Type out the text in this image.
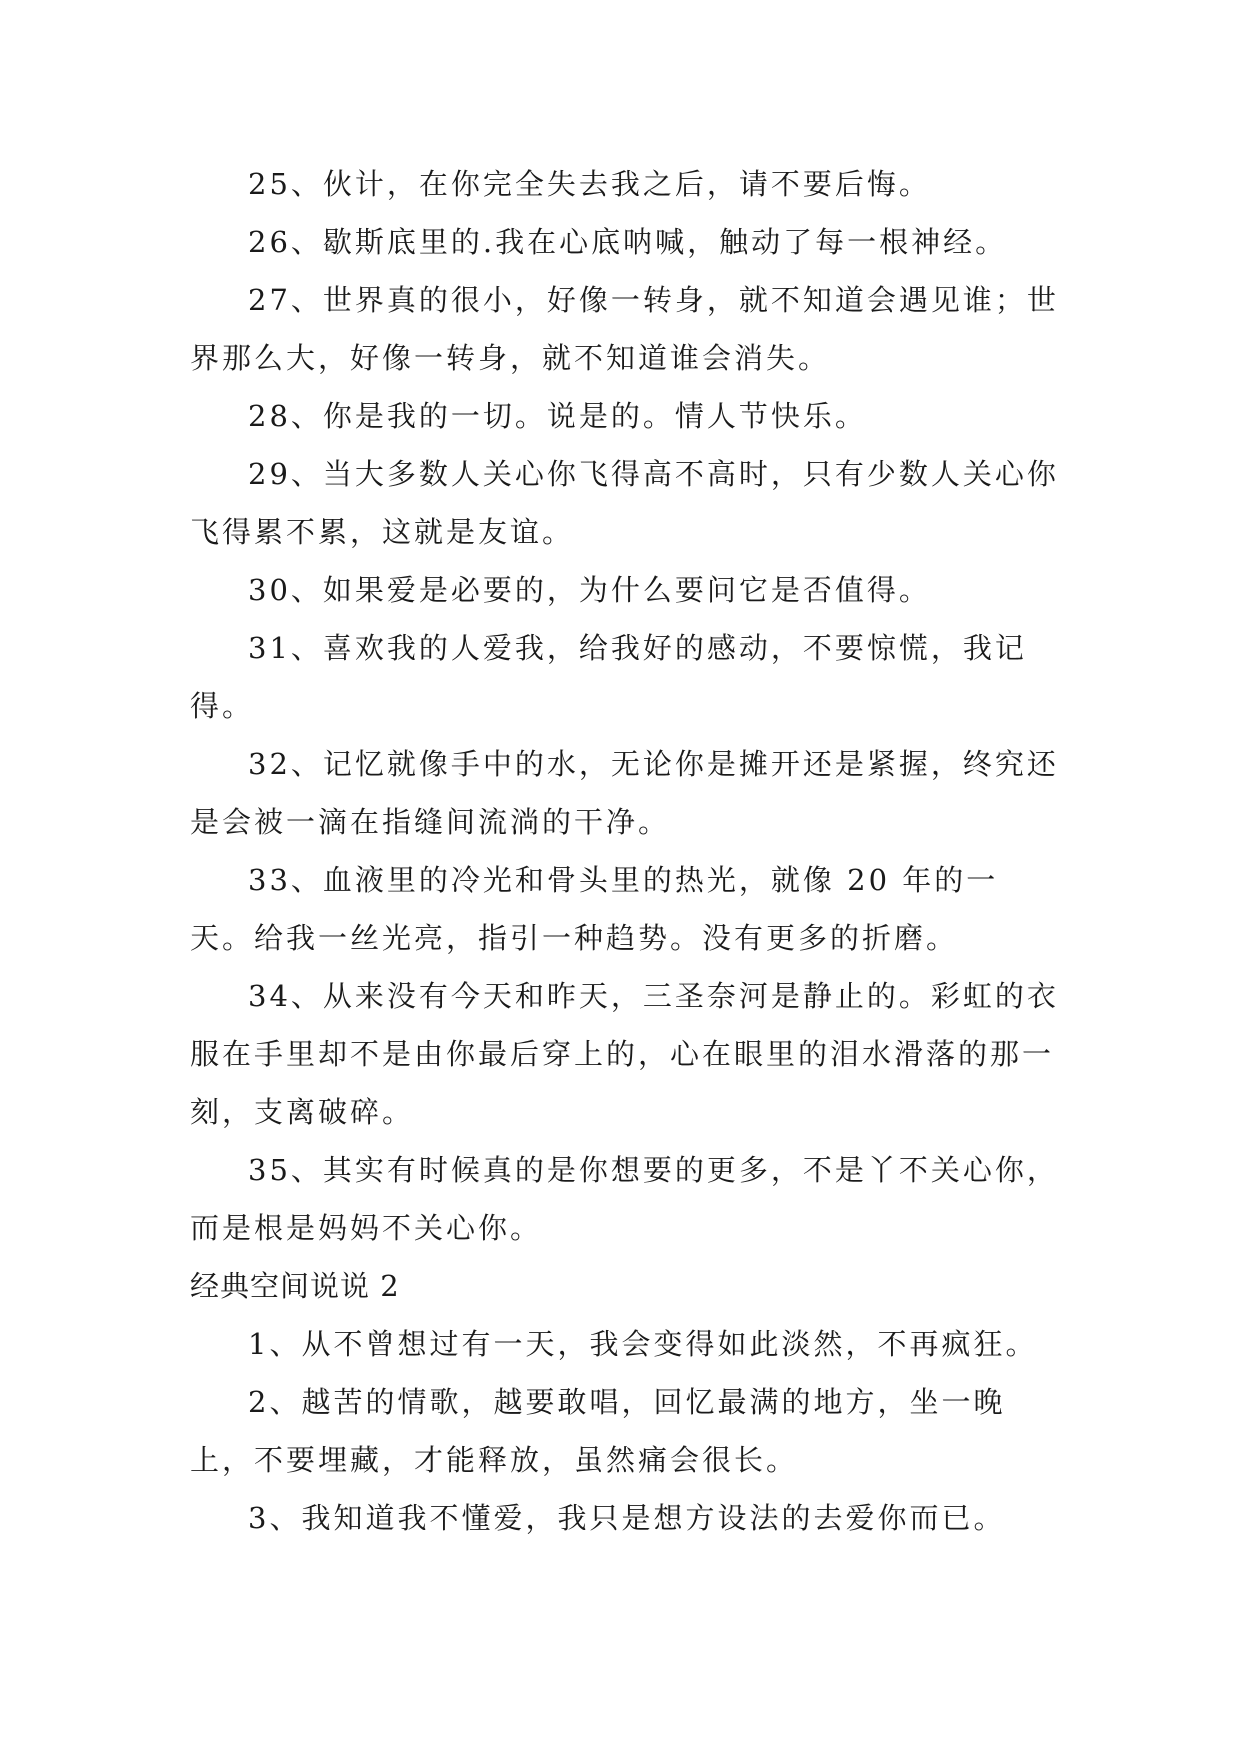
25、伙计，在你完全失去我之后，请不要后悔。

26、歇斯底里的.我在心底呐喊，触动了每一根神经。

27、世界真的很小，好像一转身，就不知道会遇见谁；世界那么大，好像一转身，就不知道谁会消失。

28、你是我的一切。说是的。情人节快乐。

29、当大多数人关心你飞得高不高时，只有少数人关心你飞得累不累，这就是友谊。

30、如果爱是必要的，为什么要问它是否值得。

31、喜欢我的人爱我，给我好的感动，不要惊慌，我记得。

32、记忆就像手中的水，无论你是摊开还是紧握，终究还是会被一滴在指缝间流淌的干净。

33、血液里的冷光和骨头里的热光，就像 20 年的一天。给我一丝光亮，指引一种趋势。没有更多的折磨。

34、从来没有今天和昨天，三圣奈河是静止的。彩虹的衣服在手里却不是由你最后穿上的，心在眼里的泪水滑落的那一刻，支离破碎。

35、其实有时候真的是你想要的更多，不是丫不关心你，而是根是妈妈不关心你。

经典空间说说 2

1、从不曾想过有一天，我会变得如此淡然，不再疯狂。

2、越苦的情歌，越要敢唱，回忆最满的地方，坐一晚上，不要埋藏，才能释放，虽然痛会很长。

3、我知道我不懂爱，我只是想方设法的去爱你而已。
